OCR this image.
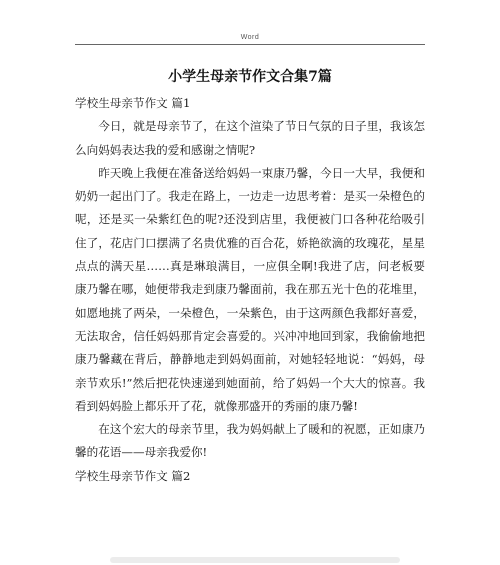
Word
小学生母亲节作文合集7篇
学校生母亲节作文 篇1

今日，就是母亲节了，在这个渲染了节日气氛的日子里，我该怎么向妈妈表达我的爱和感谢之情呢?

昨天晚上我便在准备送给妈妈一束康乃馨，今日一大早，我便和奶奶一起出门了。我走在路上，一边走一边思考着：是买一朵橙色的呢，还是买一朵紫红色的呢?还没到店里，我便被门口各种花给吸引住了，花店门口摆满了名贵优雅的百合花，娇艳欲滴的玫瑰花，星星点点的满天星……真是琳琅满目，一应俱全啊!我进了店，问老板要康乃馨在哪，她便带我走到康乃馨面前，我在那五光十色的花堆里，如愿地挑了两朵，一朵橙色，一朵紫色，由于这两颜色我都好喜爱，无法取舍，信任妈妈那肯定会喜爱的。兴冲冲地回到家，我偷偷地把康乃馨藏在背后，静静地走到妈妈面前，对她轻轻地说：“妈妈，母亲节欢乐!”然后把花快速递到她面前，给了妈妈一个大大的惊喜。我看到妈妈脸上都乐开了花，就像那盛开的秀丽的康乃馨!

在这个宏大的母亲节里，我为妈妈献上了暖和的祝愿，正如康乃馨的花语——母亲我爱你!

学校生母亲节作文 篇2
